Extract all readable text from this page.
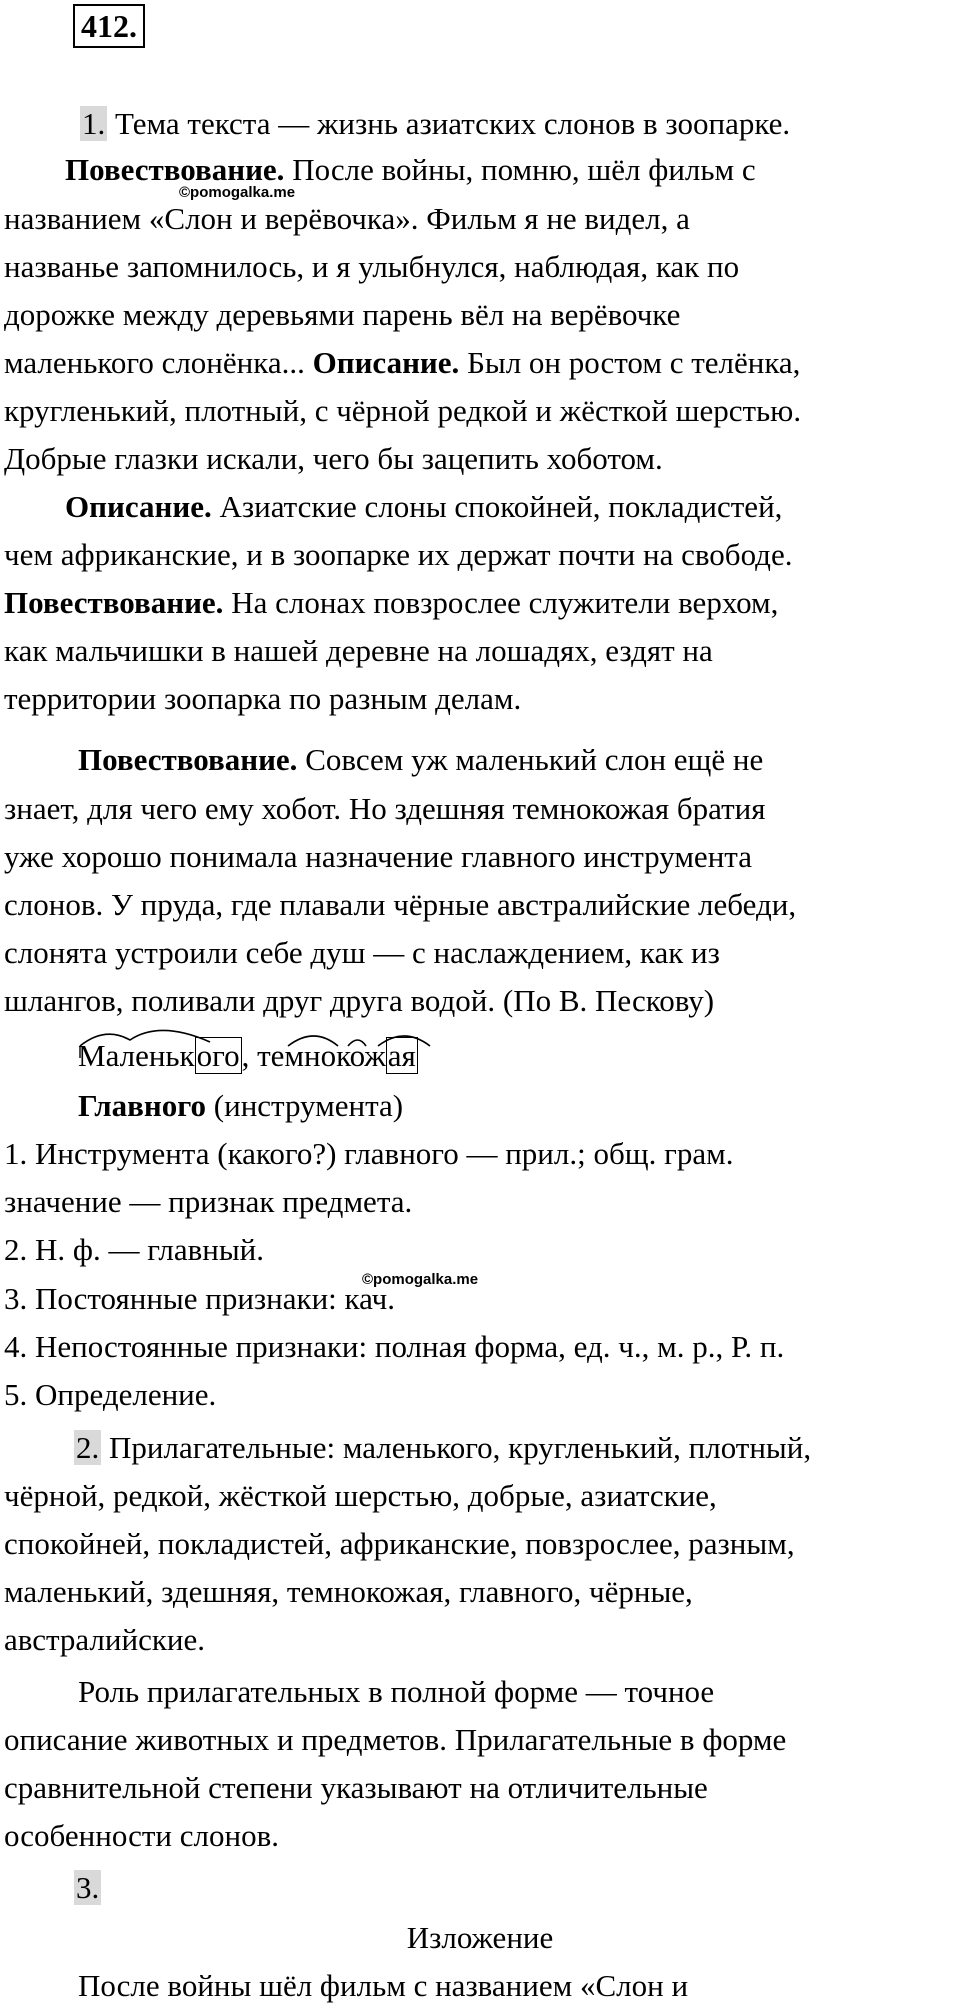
412.
1. Тема текста — жизнь азиатских слонов в зоопарке.
Повествование. После войны, помню, шёл фильм с
©pomogalka.me
названием «Слон и верёвочка». Фильм я не видел, а
названье запомнилось, и я улыбнулся, наблюдая, как по
дорожке между деревьями парень вёл на верёвочке
маленького слонёнка... Описание. Был он ростом с телёнка,
кругленький, плотный, с чёрной редкой и жёсткой шерстью.
Добрые глазки искали, чего бы зацепить хоботом.
Описание. Азиатские слоны спокойней, покладистей,
чем африканские, и в зоопарке их держат почти на свободе.
Повествование. На слонах повзрослее служители верхом,
как мальчишки в нашей деревне на лошадях, ездят на
территории зоопарка по разным делам.
Повествование. Совсем уж маленький слон ещё не
знает, для чего ему хобот. Но здешняя темнокожая братия
уже хорошо понимала назначение главного инструмента
слонов. У пруда, где плавали чёрные австралийские лебеди,
слонята устроили себе душ — с наслаждением, как из
шлангов, поливали друг друга водой. (По В. Пескову)
Маленького, темнокожая
Главного (инструмента)
1. Инструмента (какого?) главного — прил.; общ. грам.
значение — признак предмета.
2. Н. ф. — главный.
3. Постоянные признаки: кач.
©pomogalka.me
4. Непостоянные признаки: полная форма, ед. ч., м. р., Р. п.
5. Определение.
2. Прилагательные: маленького, кругленький, плотный,
чёрной, редкой, жёсткой шерстью, добрые, азиатские,
спокойней, покладистей, африканские, повзрослее, разным,
маленький, здешняя, темнокожая, главного, чёрные,
австралийские.
Роль прилагательных в полной форме — точное
описание животных и предметов. Прилагательные в форме
сравнительной степени указывают на отличительные
особенности слонов.
3.
Изложение
После войны шёл фильм с названием «Слон и
